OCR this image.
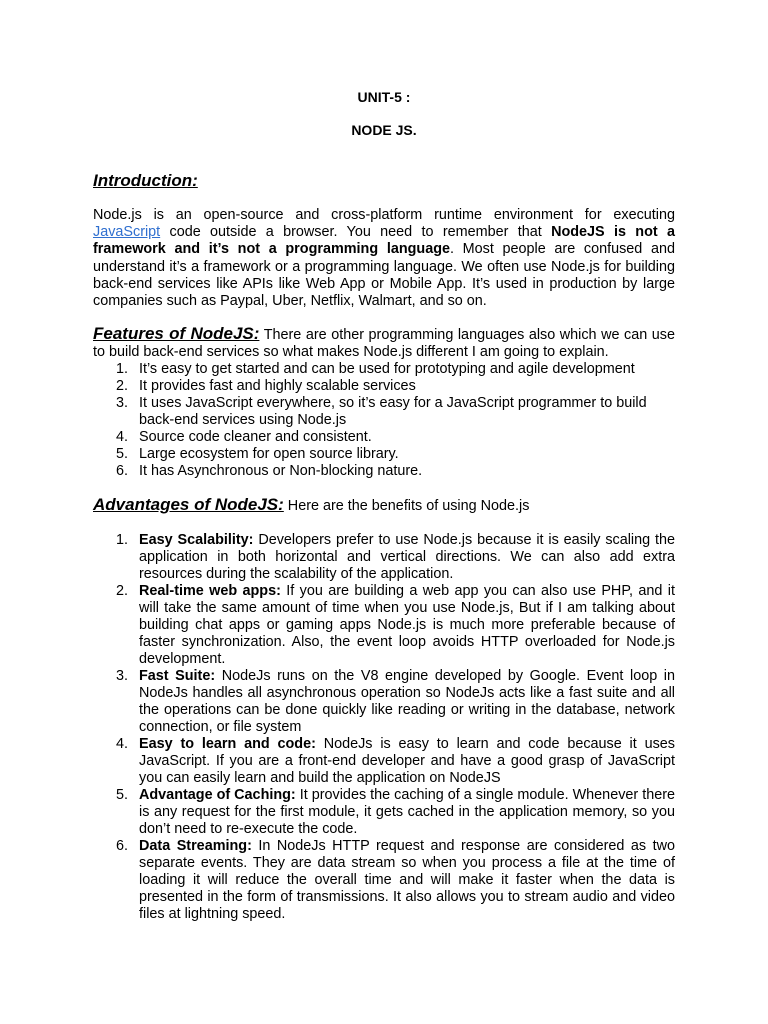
UNIT-5 :
NODE JS.
Introduction:

Node.js is an open-source and cross-platform runtime environment for executing JavaScript code outside a browser. You need to remember that NodeJS is not a framework and it’s not a programming language. Most people are confused and understand it’s a framework or a programming language. We often use Node.js for building back-end services like APIs like Web App or Mobile App. It’s used in production by large companies such as Paypal, Uber, Netflix, Walmart, and so on.

Features of NodeJS: There are other programming languages also which we can use to build back-end services so what makes Node.js different I am going to explain.
1. It’s easy to get started and can be used for prototyping and agile development
2. It provides fast and highly scalable services
3. It uses JavaScript everywhere, so it’s easy for a JavaScript programmer to build back-end services using Node.js
4. Source code cleaner and consistent.
5. Large ecosystem for open source library.
6. It has Asynchronous or Non-blocking nature.
Advantages of NodeJS: Here are the benefits of using Node.js
1. Easy Scalability: Developers prefer to use Node.js because it is easily scaling the application in both horizontal and vertical directions. We can also add extra resources during the scalability of the application.
2. Real-time web apps: If you are building a web app you can also use PHP, and it will take the same amount of time when you use Node.js, But if I am talking about building chat apps or gaming apps Node.js is much more preferable because of faster synchronization. Also, the event loop avoids HTTP overloaded for Node.js development.
3. Fast Suite: NodeJs runs on the V8 engine developed by Google. Event loop in NodeJs handles all asynchronous operation so NodeJs acts like a fast suite and all the operations can be done quickly like reading or writing in the database, network connection, or file system
4. Easy to learn and code: NodeJs is easy to learn and code because it uses JavaScript. If you are a front-end developer and have a good grasp of JavaScript you can easily learn and build the application on NodeJS
5. Advantage of Caching: It provides the caching of a single module. Whenever there is any request for the first module, it gets cached in the application memory, so you don’t need to re-execute the code.
6. Data Streaming: In NodeJs HTTP request and response are considered as two separate events. They are data stream so when you process a file at the time of loading it will reduce the overall time and will make it faster when the data is presented in the form of transmissions. It also allows you to stream audio and video files at lightning speed.
